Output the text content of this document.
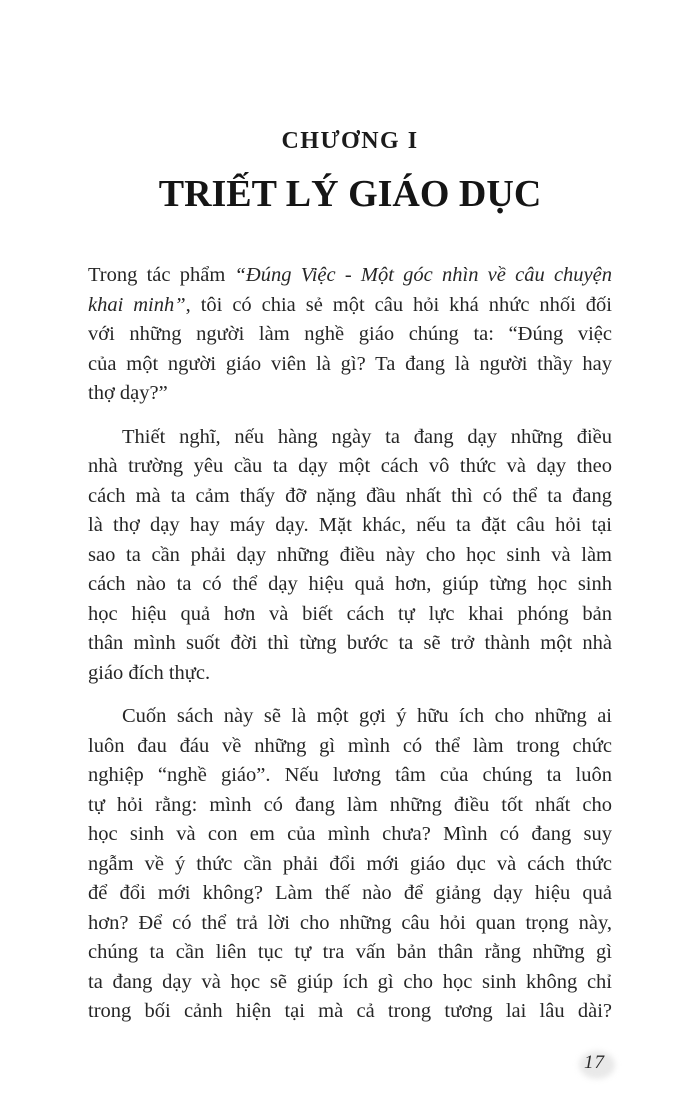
CHƯƠNG I
TRIẾT LÝ GIÁO DỤC
Trong tác phẩm “Đúng Việc - Một góc nhìn về câu chuyện
khai minh”, tôi có chia sẻ một câu hỏi khá nhức nhối đối
với những người làm nghề giáo chúng ta: “Đúng việc
của một người giáo viên là gì? Ta đang là người thầy hay
thợ dạy?”
Thiết nghĩ, nếu hàng ngày ta đang dạy những điều
nhà trường yêu cầu ta dạy một cách vô thức và dạy theo
cách mà ta cảm thấy đỡ nặng đầu nhất thì có thể ta đang
là thợ dạy hay máy dạy. Mặt khác, nếu ta đặt câu hỏi tại
sao ta cần phải dạy những điều này cho học sinh và làm
cách nào ta có thể dạy hiệu quả hơn, giúp từng học sinh
học hiệu quả hơn và biết cách tự lực khai phóng bản
thân mình suốt đời thì từng bước ta sẽ trở thành một nhà
giáo đích thực.
Cuốn sách này sẽ là một gợi ý hữu ích cho những ai
luôn đau đáu về những gì mình có thể làm trong chức
nghiệp “nghề giáo”. Nếu lương tâm của chúng ta luôn
tự hỏi rằng: mình có đang làm những điều tốt nhất cho
học sinh và con em của mình chưa? Mình có đang suy
ngẫm về ý thức cần phải đổi mới giáo dục và cách thức
để đổi mới không? Làm thế nào để giảng dạy hiệu quả
hơn? Để có thể trả lời cho những câu hỏi quan trọng này,
chúng ta cần liên tục tự tra vấn bản thân rằng những gì
ta đang dạy và học sẽ giúp ích gì cho học sinh không chỉ
trong bối cảnh hiện tại mà cả trong tương lai lâu dài?
17
